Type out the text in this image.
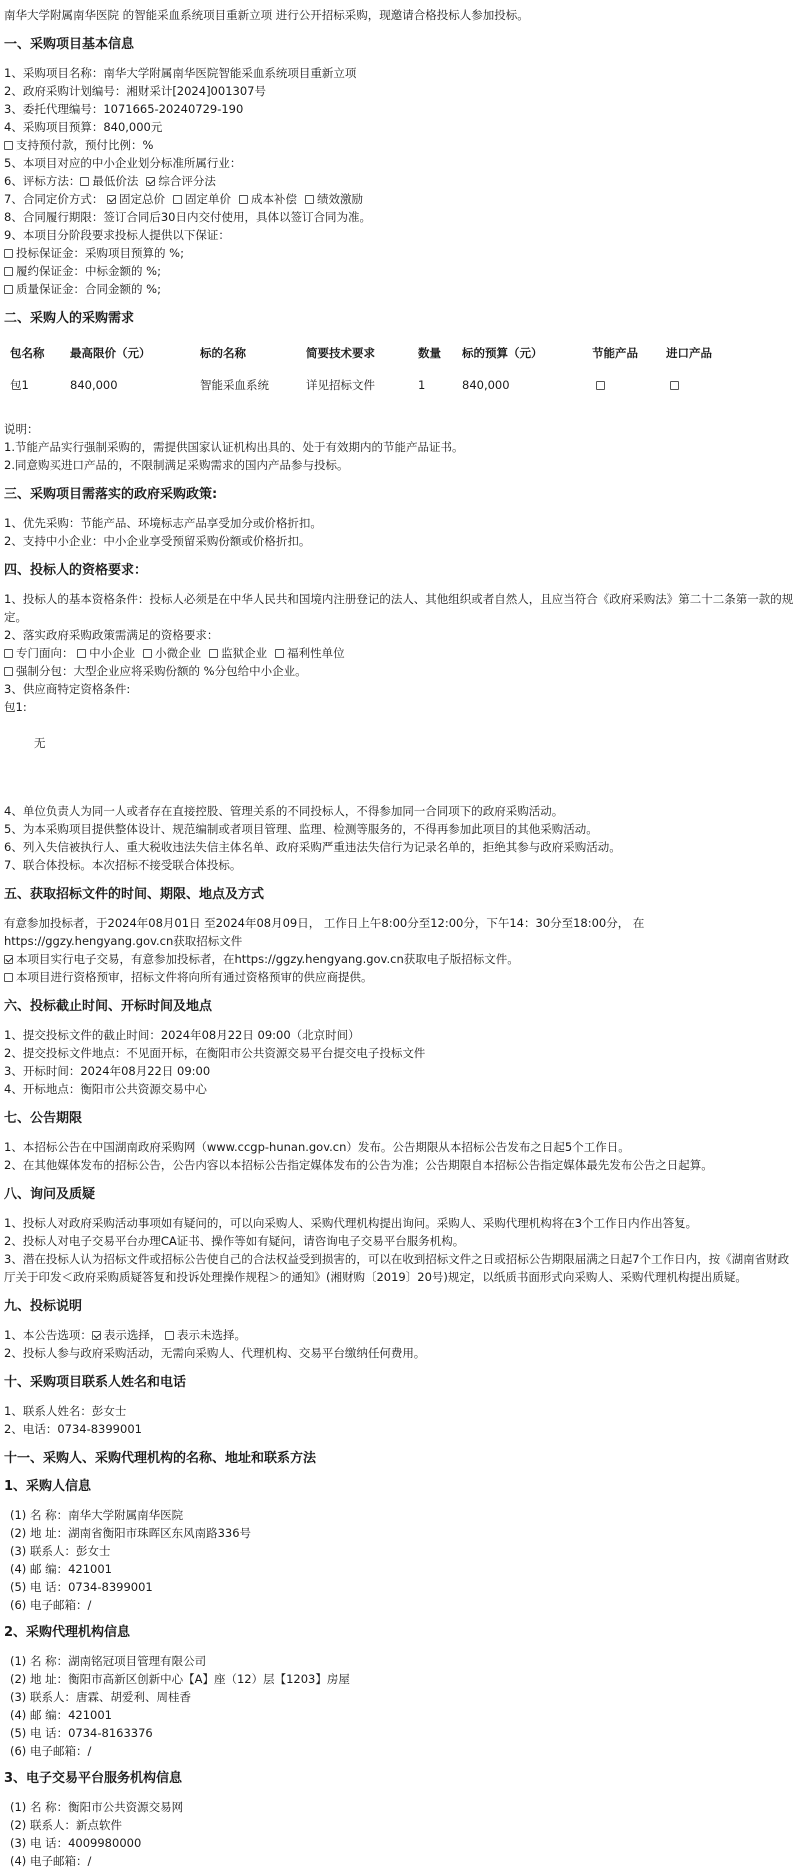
南华大学附属南华医院 的智能采血系统项目重新立项 进行公开招标采购，现邀请合格投标人参加投标。

一、采购项目基本信息

1、采购项目名称：南华大学附属南华医院智能采血系统项目重新立项

2、政府采购计划编号：湘财采计[2024]001307号

3、委托代理编号：1071665-20240729-190

4、采购项目预算：840,000元

支持预付款，预付比例：%

5、本项目对应的中小企业划分标准所属行业：

6、评标方法： 最低价法 综合评分法

7、合同定价方式： 固定总价 固定单价 成本补偿 绩效激励

8、合同履行期限：签订合同后30日内交付使用，具体以签订合同为准。

9、本项目分阶段要求投标人提供以下保证：

投标保证金：采购项目预算的 %;

履约保证金：中标金额的 %;

质量保证金：合同金额的 %;

二、采购人的采购需求
包名称	最高限价（元）	标的名称	简要技术要求	数量	标的预算（元）	节能产品	进口产品
包1	840,000	智能采血系统	详见招标文件	1	840,000		

说明：

1.节能产品实行强制采购的，需提供国家认证机构出具的、处于有效期内的节能产品证书。

2.同意购买进口产品的，不限制满足采购需求的国内产品参与投标。

三、采购项目需落实的政府采购政策:

1、优先采购：节能产品、环境标志产品享受加分或价格折扣。

2、支持中小企业：中小企业享受预留采购份额或价格折扣。

四、投标人的资格要求：

1、投标人的基本资格条件：投标人必须是在中华人民共和国境内注册登记的法人、其他组织或者自然人，且应当符合《政府采购法》第二十二条第一款的规定。

2、落实政府采购政策需满足的资格要求：

专门面向： 中小企业 小微企业 监狱企业 福利性单位

强制分包：大型企业应将采购份额的 %分包给中小企业。

3、供应商特定资格条件:

包1:

无

4、单位负责人为同一人或者存在直接控股、管理关系的不同投标人，不得参加同一合同项下的政府采购活动。

5、为本采购项目提供整体设计、规范编制或者项目管理、监理、检测等服务的，不得再参加此项目的其他采购活动。

6、列入失信被执行人、重大税收违法失信主体名单、政府采购严重违法失信行为记录名单的，拒绝其参与政府采购活动。

7、联合体投标。本次招标不接受联合体投标。

五、获取招标文件的时间、期限、地点及方式

有意参加投标者，于2024年08月01日 至2024年08月09日， 工作日上午8:00分至12:00分，下午14：30分至18:00分， 在https://ggzy.hengyang.gov.cn获取招标文件

本项目实行电子交易，有意参加投标者，在https://ggzy.hengyang.gov.cn获取电子版招标文件。

本项目进行资格预审，招标文件将向所有通过资格预审的供应商提供。

六、投标截止时间、开标时间及地点

1、提交投标文件的截止时间：2024年08月22日 09:00（北京时间）

2、提交投标文件地点：不见面开标，在衡阳市公共资源交易平台提交电子投标文件

3、开标时间：2024年08月22日 09:00

4、开标地点：衡阳市公共资源交易中心

七、公告期限

1、本招标公告在中国湖南政府采购网（www.ccgp-hunan.gov.cn）发布。公告期限从本招标公告发布之日起5个工作日。

2、在其他媒体发布的招标公告，公告内容以本招标公告指定媒体发布的公告为准；公告期限自本招标公告指定媒体最先发布公告之日起算。

八、询问及质疑

1、投标人对政府采购活动事项如有疑问的，可以向采购人、采购代理机构提出询问。采购人、采购代理机构将在3个工作日内作出答复。

2、投标人对电子交易平台办理CA证书、操作等如有疑问，请咨询电子交易平台服务机构。

3、潜在投标人认为招标文件或招标公告使自己的合法权益受到损害的，可以在收到招标文件之日或招标公告期限届满之日起7个工作日内，按《湖南省财政厅关于印发＜政府采购质疑答复和投诉处理操作规程＞的通知》(湘财购〔2019〕20号)规定，以纸质书面形式向采购人、采购代理机构提出质疑。

九、投标说明

1、本公告选项： 表示选择， 表示未选择。

2、投标人参与政府采购活动，无需向采购人、代理机构、交易平台缴纳任何费用。

十、采购项目联系人姓名和电话

1、联系人姓名：彭女士

2、电话：0734-8399001

十一、采购人、采购代理机构的名称、地址和联系方法
1、采购人信息

(1) 名 称：南华大学附属南华医院

(2) 地 址：湖南省衡阳市珠晖区东风南路336号

(3) 联系人：彭女士

(4) 邮 编：421001

(5) 电 话：0734-8399001

(6) 电子邮箱：/

2、采购代理机构信息

(1) 名 称：湖南铭冠项目管理有限公司

(2) 地 址：衡阳市高新区创新中心【A】座（12）层【1203】房屋

(3) 联系人：唐霖、胡爱利、周桂香

(4) 邮 编：421001

(5) 电 话：0734-8163376

(6) 电子邮箱：/

3、电子交易平台服务机构信息

(1) 名 称：衡阳市公共资源交易网

(2) 联系人：新点软件

(3) 电 话：4009980000

(4) 电子邮箱：/
